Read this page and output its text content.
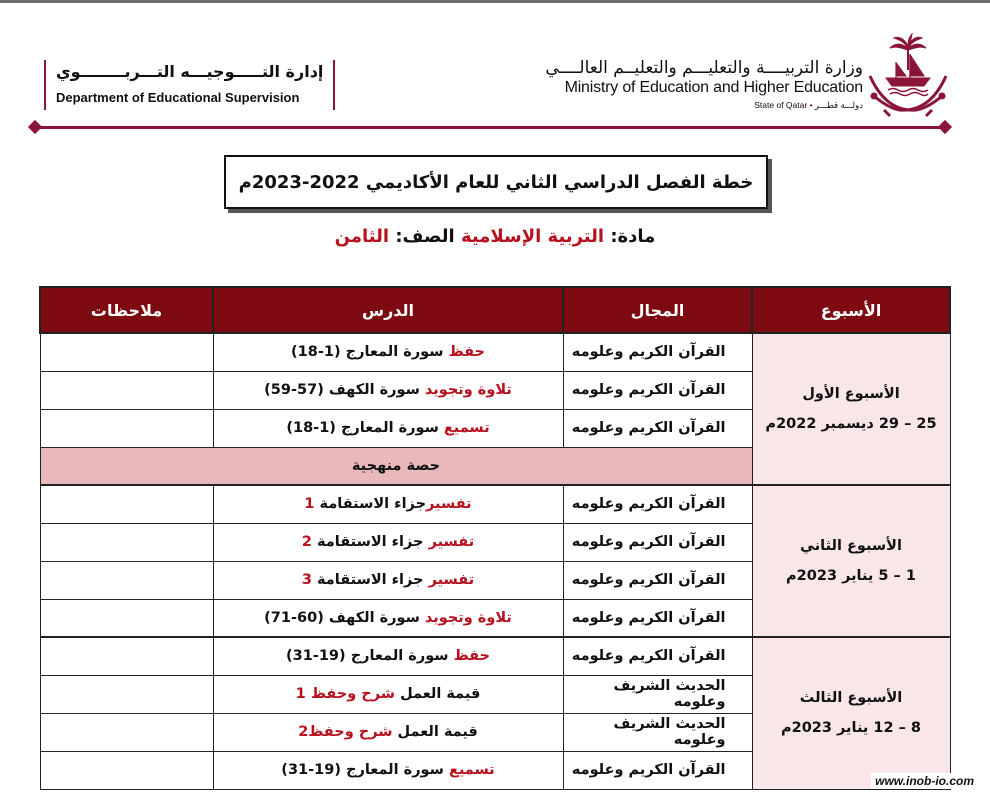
وزارة التربيــــة والتعليـــم والتعليــم العالــــي
Ministry of Education and Higher Education
State of Qatar • دولـــة قطـــر
إدارة التـــــوجيـــه التـــربــــــــوي
Department of Educational Supervision
خطة الفصل الدراسي الثاني للعام الأكاديمي 2022-2023م
مادة: التربية الإسلامية الصف: الثامن
الأسبوع	المجال	الدرس	ملاحظات

الأسبوع الأول
25 – 29 ديسمبر 2022م	القرآن الكريم وعلومه	حفظ سورة المعارج (1-18)	
	القرآن الكريم وعلومه	تلاوة وتجويد سورة الكهف (57-59)	
	القرآن الكريم وعلومه	تسميع سورة المعارج (1-18)	
	حصة منهجية		

الأسبوع الثاني
1 – 5 يناير 2023م	القرآن الكريم وعلومه	تفسيرجزاء الاستقامة 1	
	القرآن الكريم وعلومه	تفسير جزاء الاستقامة 2	
	القرآن الكريم وعلومه	تفسير جزاء الاستقامة 3	
	القرآن الكريم وعلومه	تلاوة وتجويد سورة الكهف (60-71)	

الأسبوع الثالث
8 – 12 يناير 2023م	القرآن الكريم وعلومه	حفظ سورة المعارج (19-31)	
	الحديث الشريف وعلومه	قيمة العمل شرح وحفظ 1	
	الحديث الشريف وعلومه	قيمة العمل شرح وحفظ2	
	القرآن الكريم وعلومه	تسميع سورة المعارج (19-31)	
www.inob-io.com
